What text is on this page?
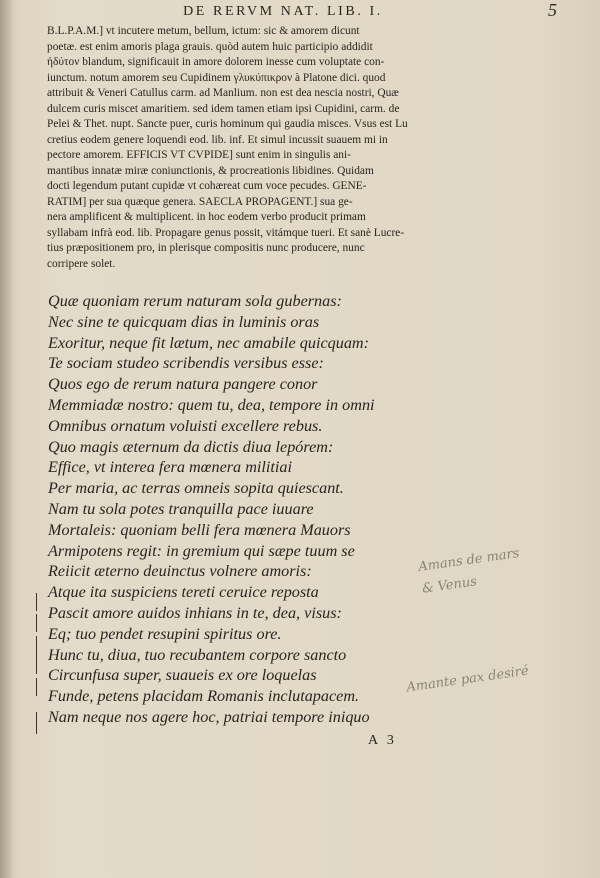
DE RERVM NAT. LIB. I.	5
B.L.P.A.M.] vt incutere metum, bellum, ictum: sic & amorem dicunt
poetæ. est enim amoris plaga grauis. quòd autem huic participio addidit
ἡδύτον blandum, significauit in amore dolorem inesse cum voluptate con-
iunctum. notum amorem seu Cupidinem γλυκύπικρον à Platone dici. quod
attribuit & Veneri Catullus carm. ad Manlium. non est dea nescia nostri, Quæ
dulcem curis miscet amaritiem. sed idem tamen etiam ipsi Cupidini, carm. de
Pelei & Thet. nupt. Sancte puer, curis hominum qui gaudia misces. Vsus est Lu
cretius eodem genere loquendi eod. lib. inf. Et simul incussit suauem mi in
pectore amorem. EFFICIS VT CVPIDE] sunt enim in singulis ani-
mantibus innatæ miræ coniunctionis, & procreationis libidines. Quidam
docti legendum putant cupidæ vt cohæreat cum voce pecudes. GENE-
RATIM] per sua quæque genera. SAECLA PROPAGENT.] sua ge-
nera amplificent & multiplicent. in hoc eodem verbo producit primam
syllabam infrà eod. lib. Propagare genus possit, vitámque tueri. Et sanè Lucre-
tius præpositionem pro, in plerisque compositis nunc producere, nunc
corripere solet.
Quæ quoniam rerum naturam sola gubernas:
Nec sine te quicquam dias in luminis oras
Exoritur, neque fit lætum, nec amabile quicquam:
Te sociam studeo scribendis versibus esse:
Quos ego de rerum natura pangere conor
Memmiadæ nostro: quem tu, dea, tempore in omni
Omnibus ornatum voluisti excellere rebus.
Quo magis æternum da dictis diua lepórem:
Effice, vt interea fera mœnera militiai
Per maria, ac terras omneis sopita quiescant.
Nam tu sola potes tranquilla pace iuuare
Mortaleis: quoniam belli fera mœnera Mauors
Armipotens regit: in gremium qui sæpe tuum se
Reiicit æterno deuinctus volnere amoris:
Atque ita suspiciens tereti ceruice reposta
Pascit amore auidos inhians in te, dea, visus:
Eq; tuo pendet resupini spiritus ore.
Hunc tu, diua, tuo recubantem corpore sancto
Circunfusa super, suaueis ex ore loquelas
Funde, petens placidam Romanis inclutapacem.
Nam neque nos agere hoc, patriai tempore iniquo
Amans de mars
& Venus
Amante pax desiré
A 3
